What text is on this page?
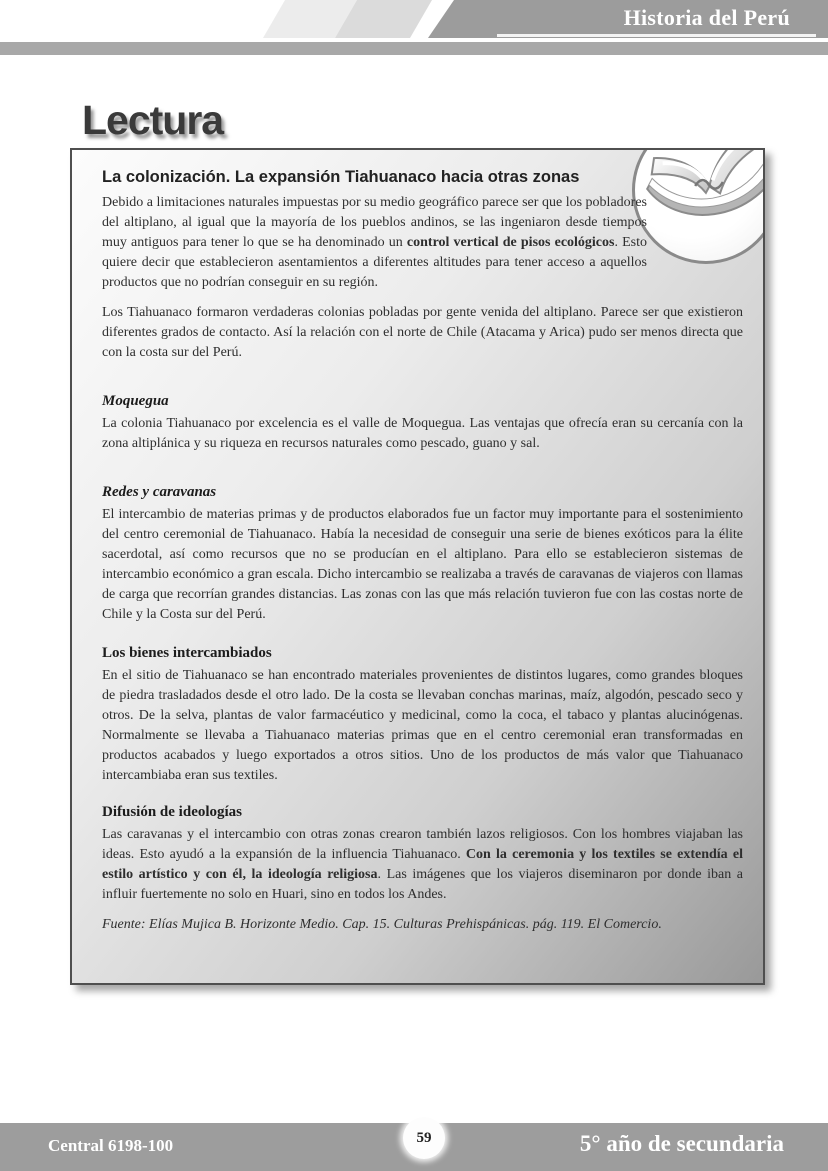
Historia del Perú
Lectura
La colonización. La expansión Tiahuanaco hacia otras zonas

Debido a limitaciones naturales impuestas por su medio geográfico parece ser que los pobladores del altiplano, al igual que la mayoría de los pueblos andinos, se las ingeniaron desde tiempos muy antiguos para tener lo que se ha denominado un control vertical de pisos ecológicos. Esto quiere decir que establecieron asentamientos a diferentes altitudes para tener acceso a aquellos productos que no podrían conseguir en su región.

Los Tiahuanaco formaron verdaderas colonias pobladas por gente venida del altiplano. Parece ser que existieron diferentes grados de contacto. Así la relación con el norte de Chile (Atacama y Arica) pudo ser menos directa que con la costa sur del Perú.

Moquegua

La colonia Tiahuanaco por excelencia es el valle de Moquegua. Las ventajas que ofrecía eran su cercanía con la zona altiplánica y su riqueza en recursos naturales como pescado, guano y sal.

Redes y caravanas

El intercambio de materias primas y de productos elaborados fue un factor muy importante para el sostenimiento del centro ceremonial de Tiahuanaco. Había la necesidad de conseguir una serie de bienes exóticos para la élite sacerdotal, así como recursos que no se producían en el altiplano. Para ello se establecieron sistemas de intercambio económico a gran escala. Dicho intercambio se realizaba a través de caravanas de viajeros con llamas de carga que recorrían grandes distancias. Las zonas con las que más relación tuvieron fue con las costas norte de Chile y la Costa sur del Perú.

Los bienes intercambiados

En el sitio de Tiahuanaco se han encontrado materiales provenientes de distintos lugares, como grandes bloques de piedra trasladados desde el otro lado. De la costa se llevaban conchas marinas, maíz, algodón, pescado seco y otros. De la selva, plantas de valor farmacéutico y medicinal, como la coca, el tabaco y plantas alucinógenas. Normalmente se llevaba a Tiahuanaco materias primas que en el centro ceremonial eran transformadas en productos acabados y luego exportados a otros sitios. Uno de los productos de más valor que Tiahuanaco intercambiaba eran sus textiles.

Difusión de ideologías

Las caravanas y el intercambio con otras zonas crearon también lazos religiosos. Con los hombres viajaban las ideas. Esto ayudó a la expansión de la influencia Tiahuanaco. Con la ceremonia y los textiles se extendía el estilo artístico y con él, la ideología religiosa. Las imágenes que los viajeros diseminaron por donde iban a influir fuertemente no solo en Huari, sino en todos los Andes.

Fuente: Elías Mujica B. Horizonte Medio. Cap. 15. Culturas Prehispánicas. pág. 119. El Comercio.

Central 6198-100	59	5° año de secundaria
